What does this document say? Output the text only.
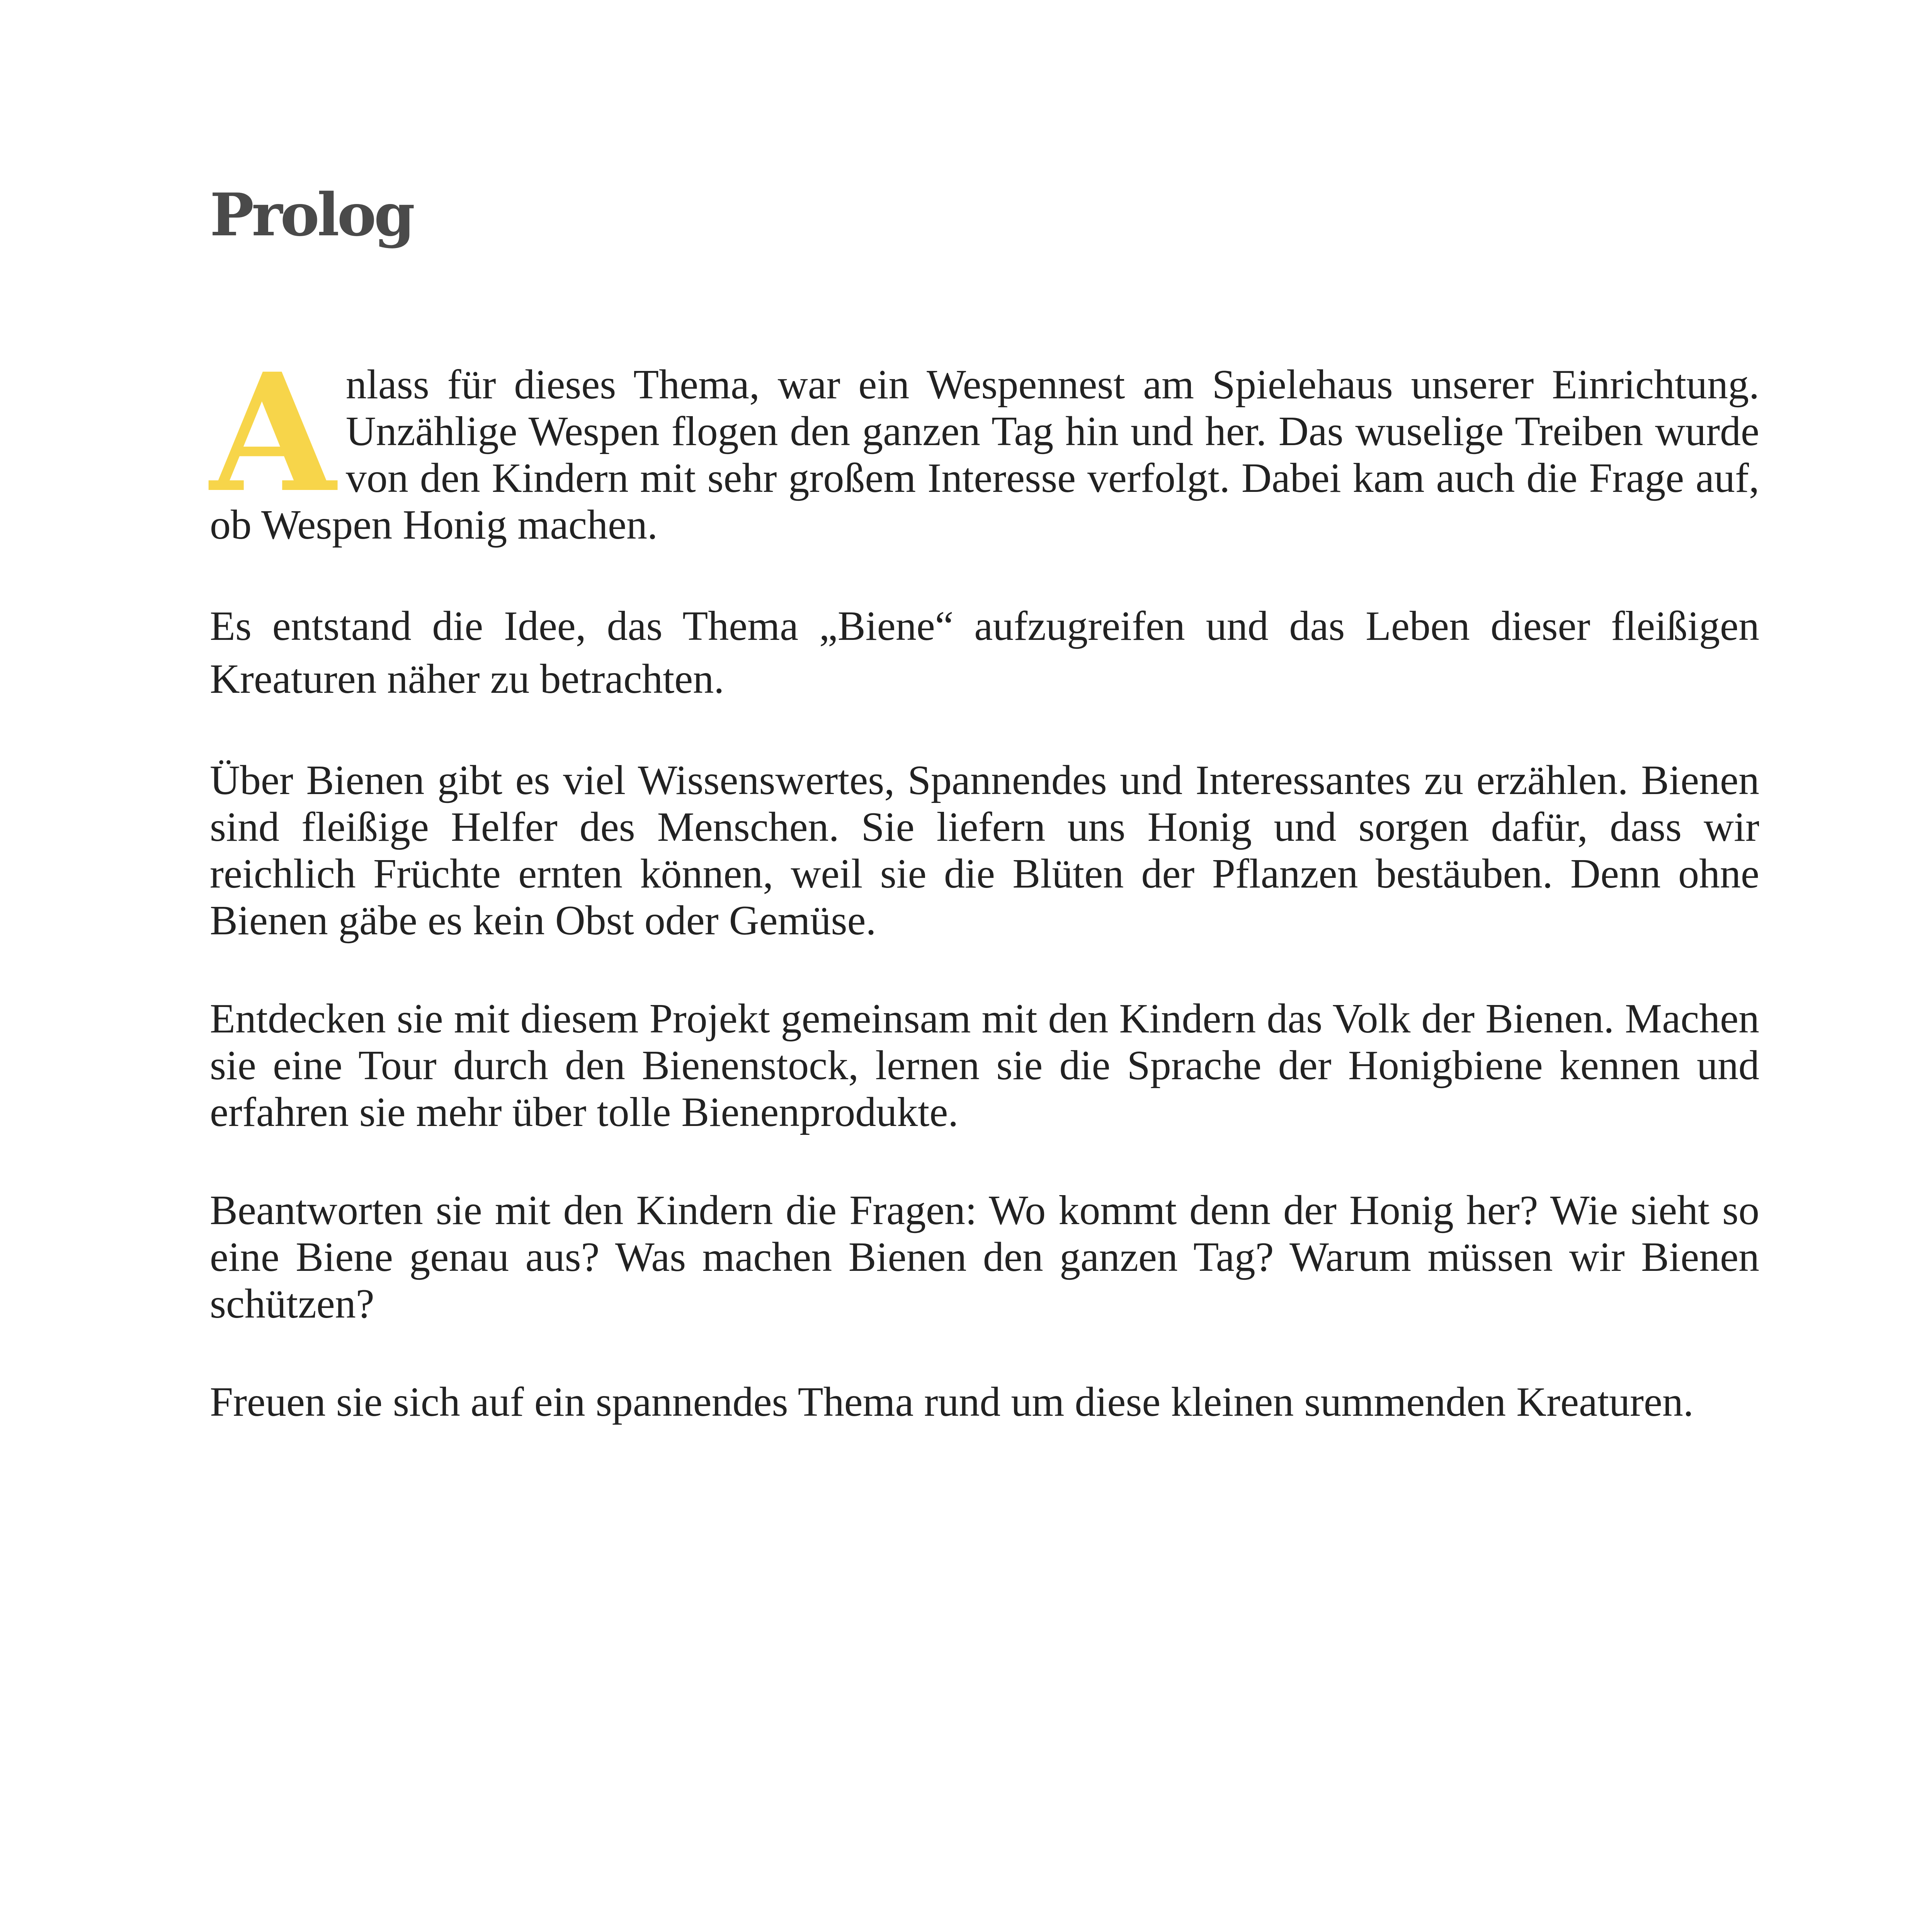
Prolog

Anlass für dieses Thema, war ein Wespennest am Spielehaus unserer Einrichtung. Unzählige Wespen flogen den ganzen Tag hin und her. Das wuselige Treiben wurde von den Kindern mit sehr großem Interesse verfolgt. Dabei kam auch die Frage auf, ob Wespen Honig machen.

Es entstand die Idee, das Thema „Biene“ aufzugreifen und das Leben dieser fleißigen Kreaturen näher zu betrachten.

Über Bienen gibt es viel Wissenswertes, Spannendes und Interessantes zu erzählen. Bienen sind fleißige Helfer des Menschen. Sie liefern uns Honig und sorgen dafür, dass wir reichlich Früchte ernten können, weil sie die Blüten der Pflanzen bestäuben. Denn ohne Bienen gäbe es kein Obst oder Gemüse.

Entdecken sie mit diesem Projekt gemeinsam mit den Kindern das Volk der Bienen. Machen sie eine Tour durch den Bienenstock, lernen sie die Sprache der Honigbiene kennen und erfahren sie mehr über tolle Bienenprodukte.

Beantworten sie mit den Kindern die Fragen: Wo kommt denn der Honig her? Wie sieht so eine Biene genau aus? Was machen Bienen den ganzen Tag? Warum müssen wir Bienen schützen?

Freuen sie sich auf ein spannendes Thema rund um diese kleinen summenden Kreaturen.
